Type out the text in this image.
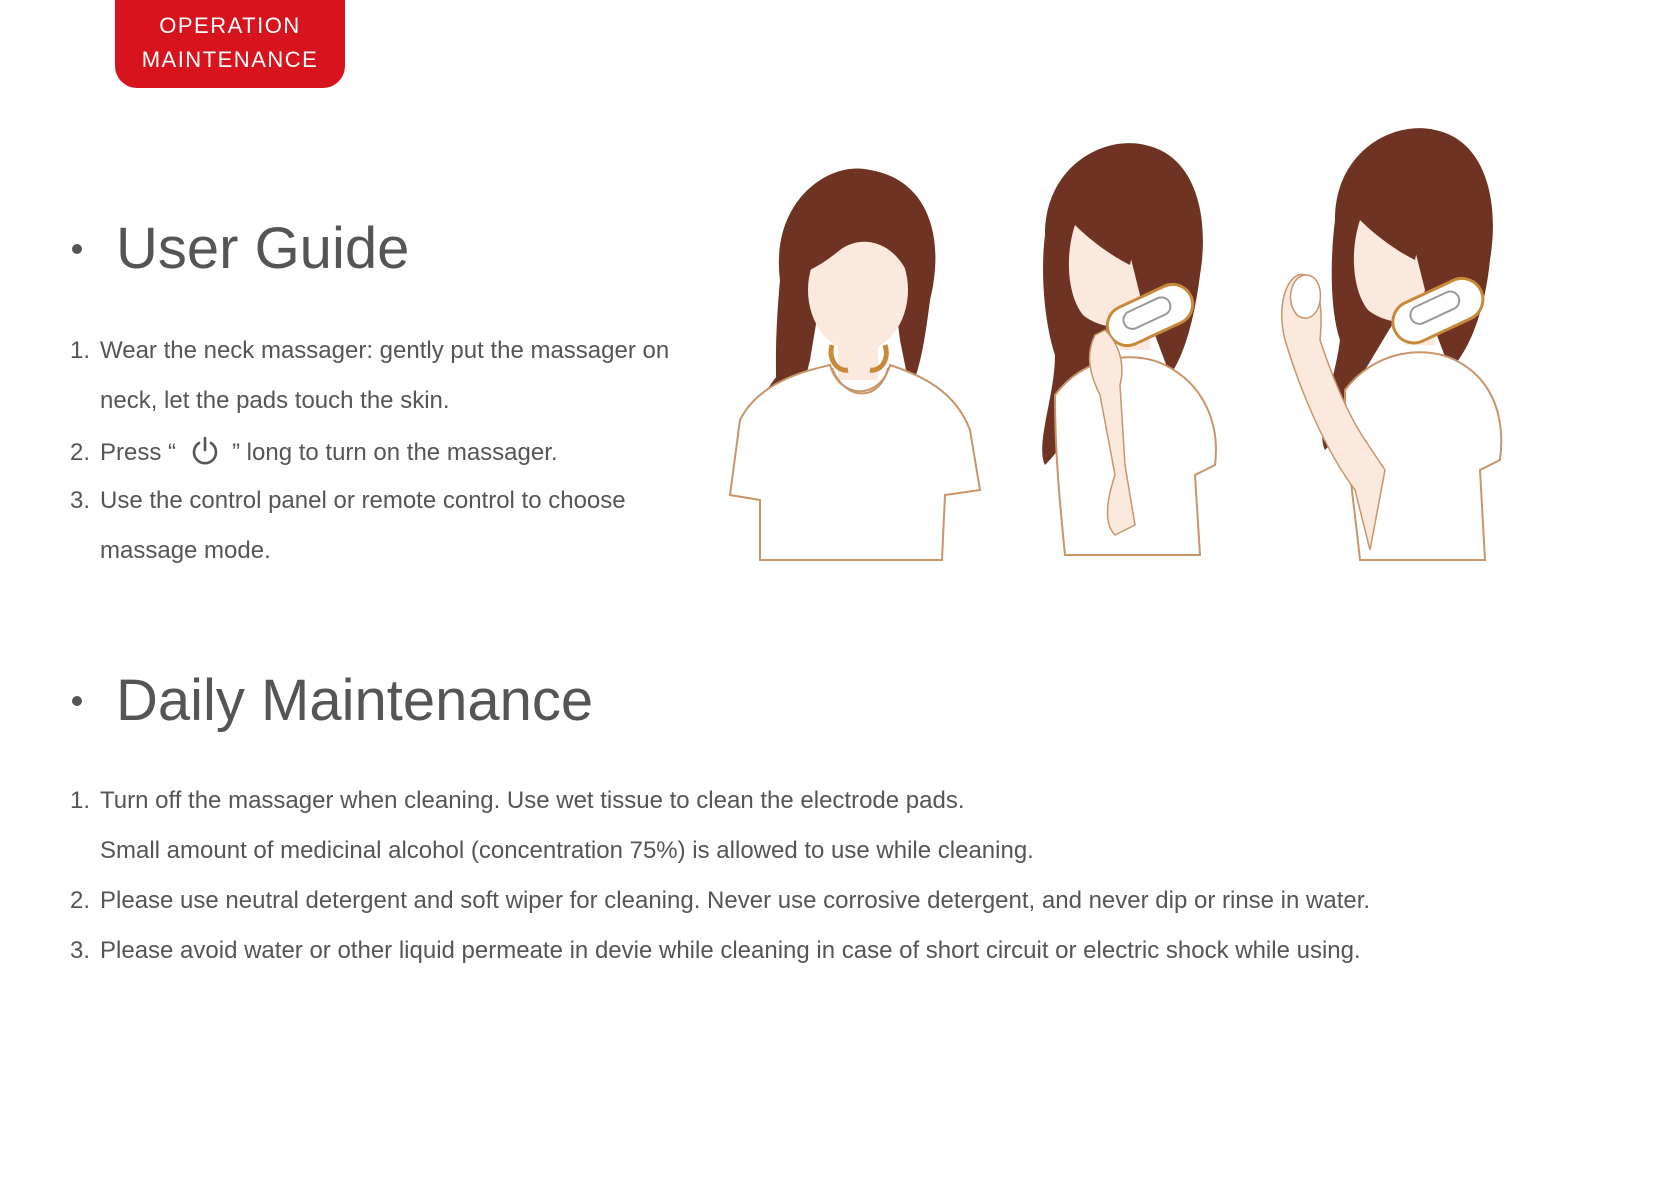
OPERATION
MAINTENANCE
User Guide
1. Wear the neck massager: gently put the massager on
neck, let the pads touch the skin.
2. Press “ ” long to turn on the massager.
3. Use the control panel or remote control to choose
massage mode.
Daily Maintenance
1. Turn off the massager when cleaning. Use wet tissue to clean the electrode pads.
Small amount of medicinal alcohol (concentration 75%) is allowed to use while cleaning.
2. Please use neutral detergent and soft wiper for cleaning. Never use corrosive detergent, and never dip or rinse in water.
3. Please avoid water or other liquid permeate in devie while cleaning in case of short circuit or electric shock while using.
